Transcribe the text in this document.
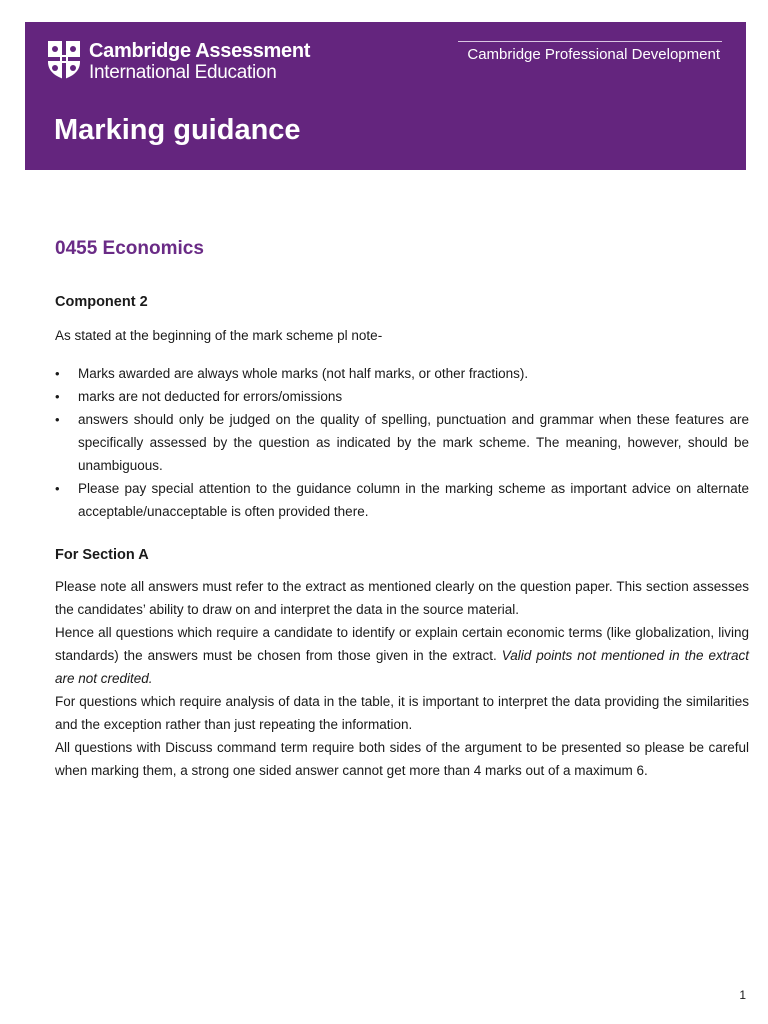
Cambridge Assessment
International Education
Cambridge Professional Development
Marking guidance
0455 Economics
Component 2
As stated at the beginning of the mark scheme pl note-
• Marks awarded are always whole marks (not half marks, or other fractions).
• marks are not deducted for errors/omissions
• answers should only be judged on the quality of spelling, punctuation and grammar when these features are specifically assessed by the question as indicated by the mark scheme. The meaning, however, should be unambiguous.
• Please pay special attention to the guidance column in the marking scheme as important advice on alternate acceptable/unacceptable is often provided there.
For Section A

Please note all answers must refer to the extract as mentioned clearly on the question paper. This section assesses the candidates’ ability to draw on and interpret the data in the source material.

Hence all questions which require a candidate to identify or explain certain economic terms (like globalization, living standards) the answers must be chosen from those given in the extract. Valid points not mentioned in the extract are not credited.

For questions which require analysis of data in the table, it is important to interpret the data providing the similarities and the exception rather than just repeating the information.

All questions with Discuss command term require both sides of the argument to be presented so please be careful when marking them, a strong one sided answer cannot get more than 4 marks out of a maximum 6.

1
